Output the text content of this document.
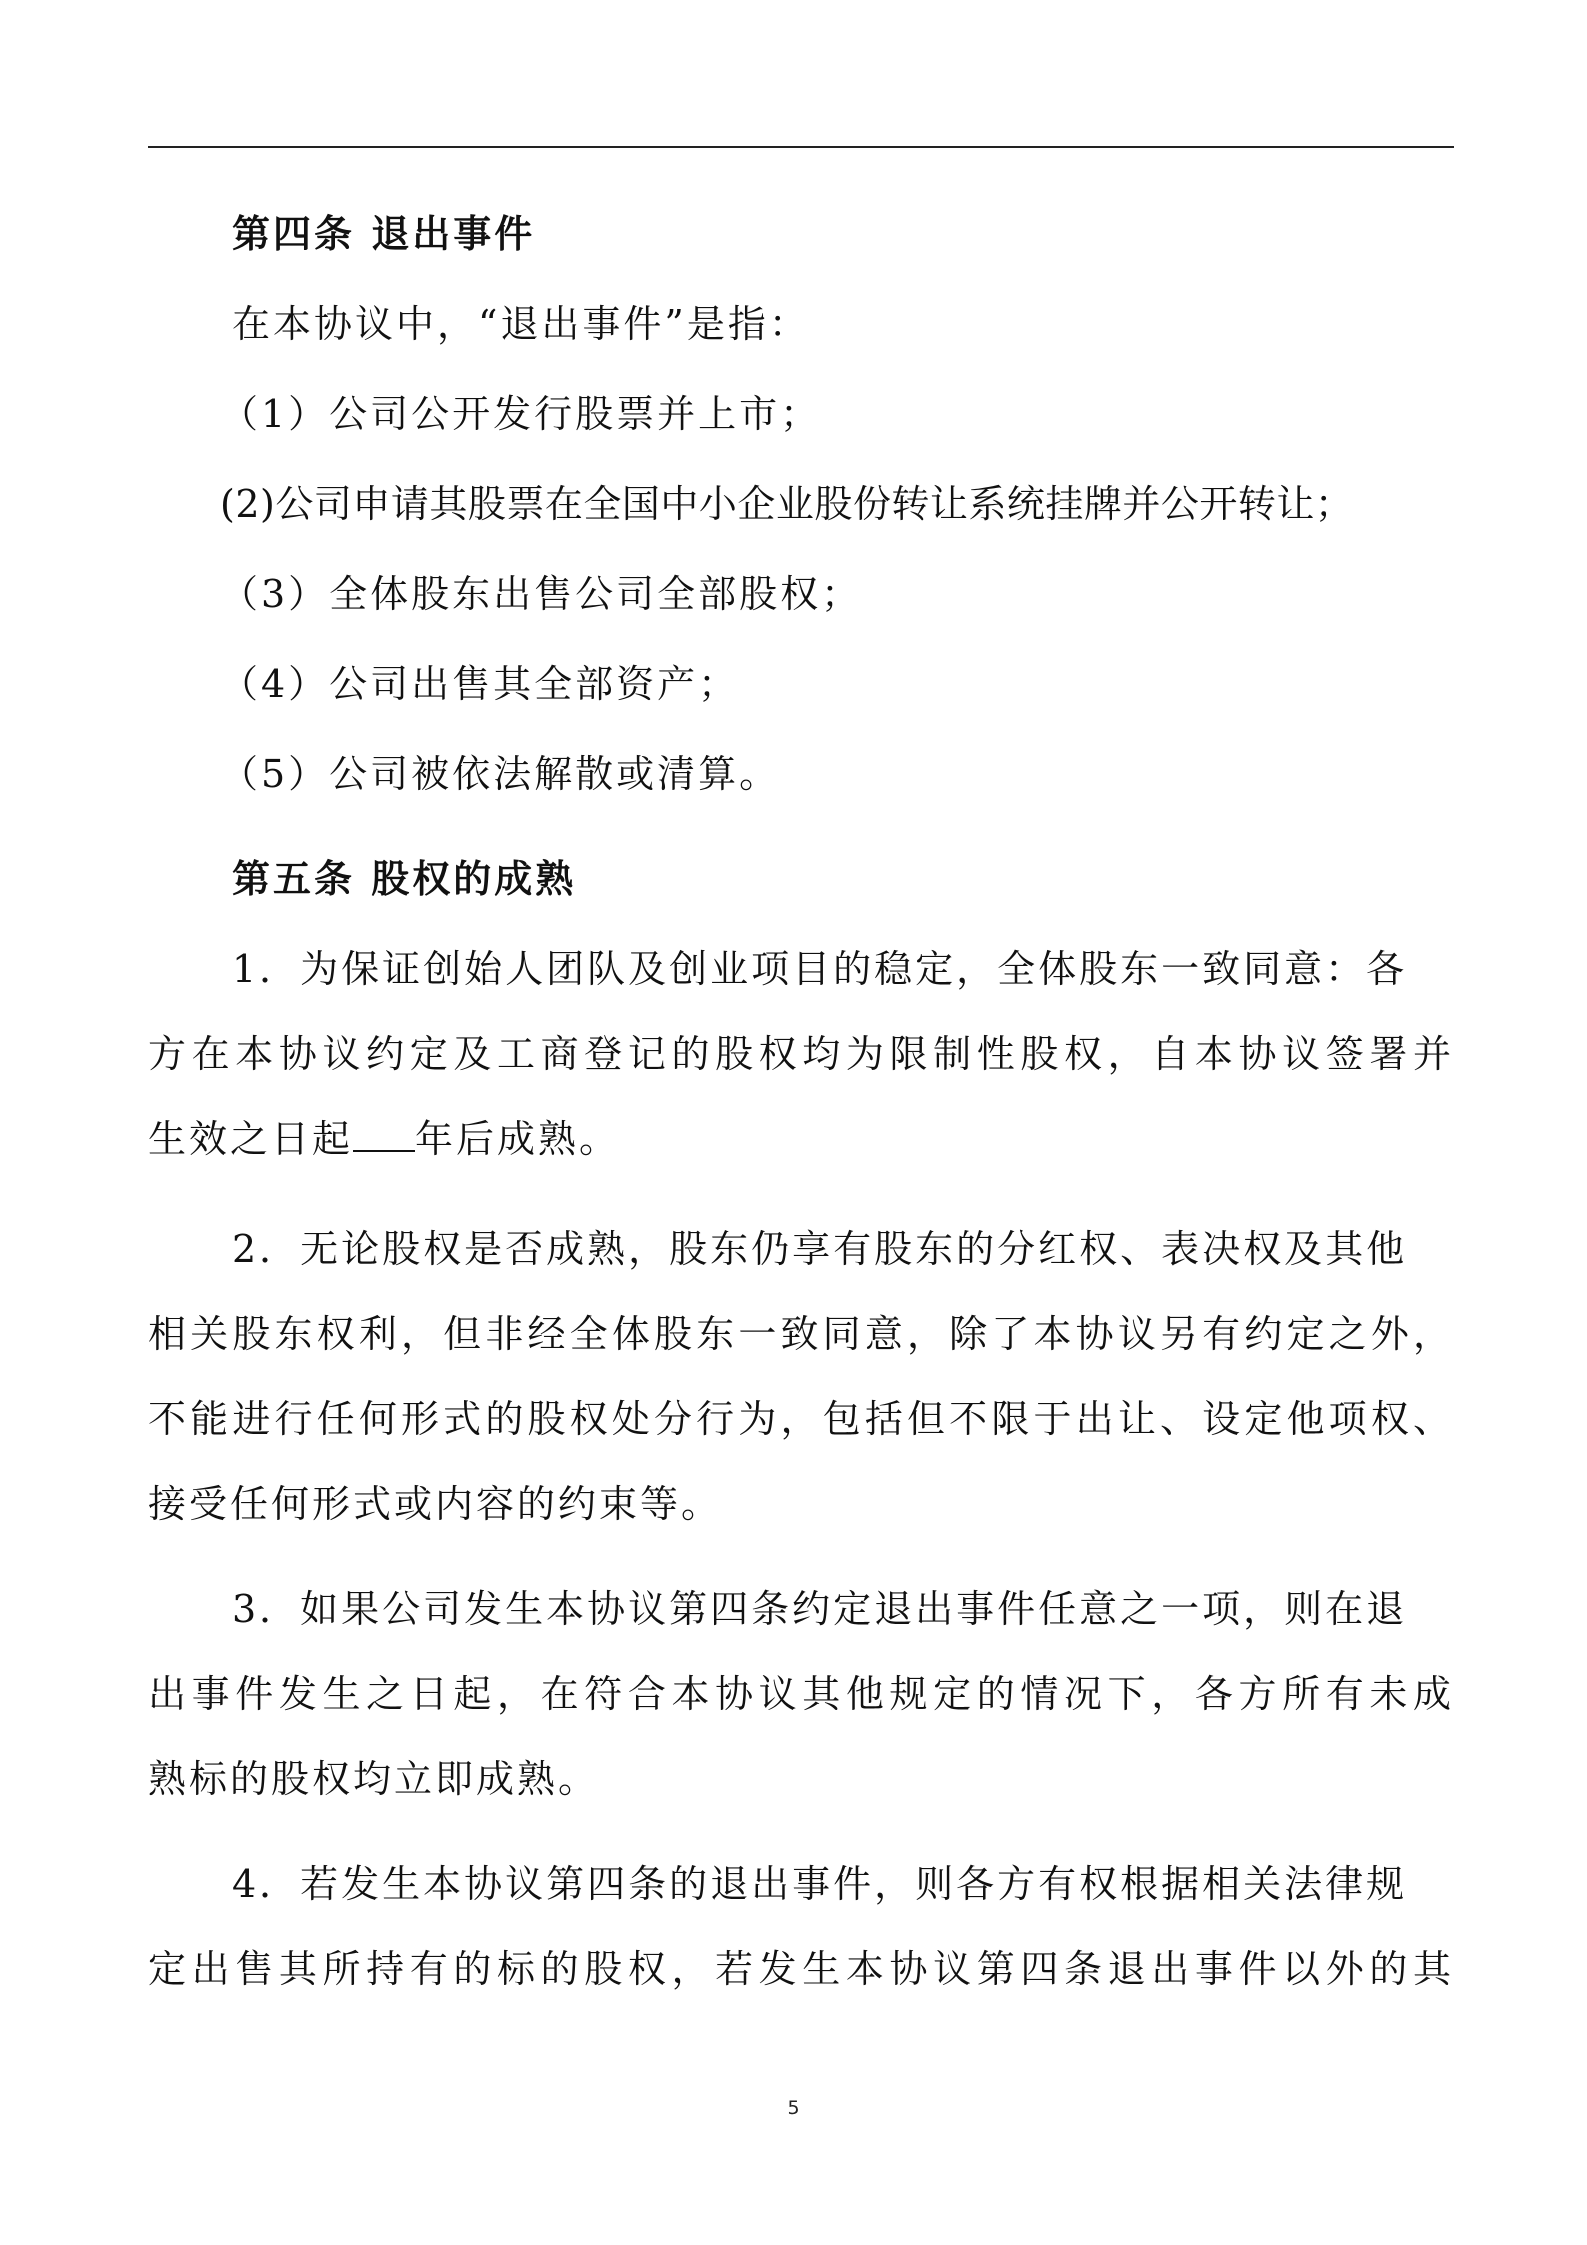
第四条 退出事件
在本协议中，“退出事件”是指：
（1）公司公开发行股票并上市；
(2)公司申请其股票在全国中小企业股份转让系统挂牌并公开转让；
（3）全体股东出售公司全部股权；
（4）公司出售其全部资产；
（5）公司被依法解散或清算。
第五条 股权的成熟
1．为保证创始人团队及创业项目的稳定，全体股东一致同意：各
方在本协议约定及工商登记的股权均为限制性股权，自本协议签署并
生效之日起 年后成熟。
2．无论股权是否成熟，股东仍享有股东的分红权、表决权及其他
相关股东权利，但非经全体股东一致同意，除了本协议另有约定之外，
不能进行任何形式的股权处分行为，包括但不限于出让、设定他项权、
接受任何形式或内容的约束等。
3．如果公司发生本协议第四条约定退出事件任意之一项，则在退
出事件发生之日起，在符合本协议其他规定的情况下，各方所有未成
熟标的股权均立即成熟。
4．若发生本协议第四条的退出事件，则各方有权根据相关法律规
定出售其所持有的标的股权，若发生本协议第四条退出事件以外的其
5
